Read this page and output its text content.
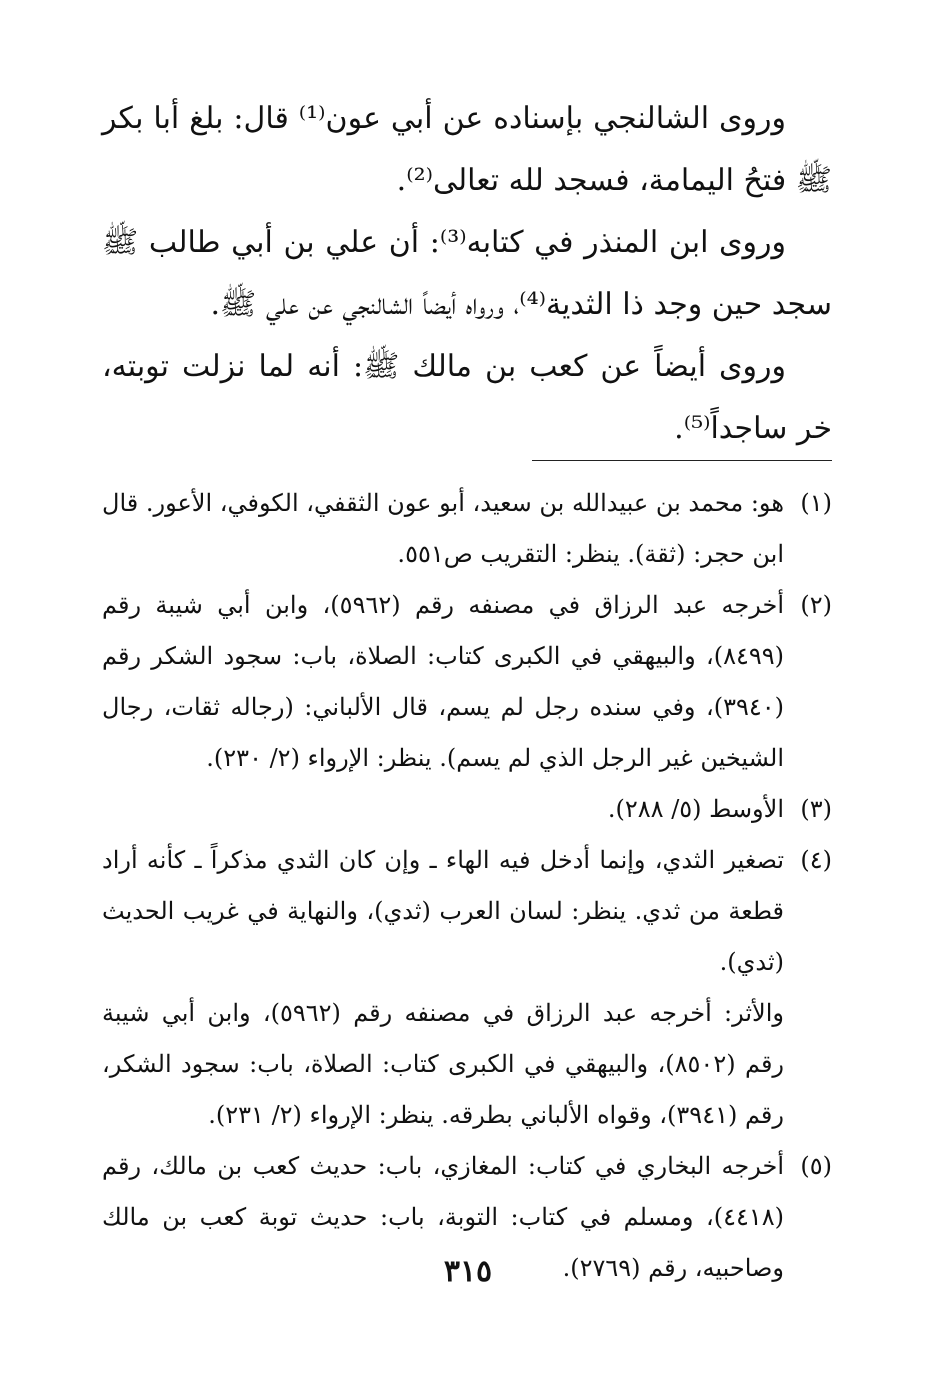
وروى الشالنجي بإسناده عن أبي عون⁽¹⁾ قال: بلغ أبا بكر ﷺ فتحُ اليمامة، فسجد لله تعالى⁽²⁾.

وروى ابن المنذر في كتابه⁽³⁾: أن علي بن أبي طالب ﷺ سجد حين وجد ذا الثدية⁽⁴⁾، ورواه أيضاً الشالنجي عن علي ﷺ.

وروى أيضاً عن كعب بن مالك ﷺ: أنه لما نزلت توبته، خر ساجداً⁽⁵⁾.

(١)

هو: محمد بن عبيدالله بن سعيد، أبو عون الثقفي، الكوفي، الأعور. قال ابن حجر: (ثقة). ينظر: التقريب ص٥٥١.

(٢)

أخرجه عبد الرزاق في مصنفه رقم (٥٩٦٢)، وابن أبي شيبة رقم (٨٤٩٩)، والبيهقي في الكبرى كتاب: الصلاة، باب: سجود الشكر رقم (٣٩٤٠)، وفي سنده رجل لم يسم، قال الألباني: (رجاله ثقات، رجال الشيخين غير الرجل الذي لم يسم). ينظر: الإرواء (٢/ ٢٣٠).

(٣)

الأوسط (٥/ ٢٨٨).

(٤)

تصغير الثدي، وإنما أدخل فيه الهاء ـ وإن كان الثدي مذكراً ـ كأنه أراد قطعة من ثدي. ينظر: لسان العرب (ثدي)، والنهاية في غريب الحديث (ثدي).

والأثر: أخرجه عبد الرزاق في مصنفه رقم (٥٩٦٢)، وابن أبي شيبة رقم (٨٥٠٢)، والبيهقي في الكبرى كتاب: الصلاة، باب: سجود الشكر، رقم (٣٩٤١)، وقواه الألباني بطرقه. ينظر: الإرواء (٢/ ٢٣١).

(٥)

أخرجه البخاري في كتاب: المغازي، باب: حديث كعب بن مالك، رقم (٤٤١٨)، ومسلم في كتاب: التوبة، باب: حديث توبة كعب بن مالك وصاحبيه، رقم (٢٧٦٩).

٣١٥
